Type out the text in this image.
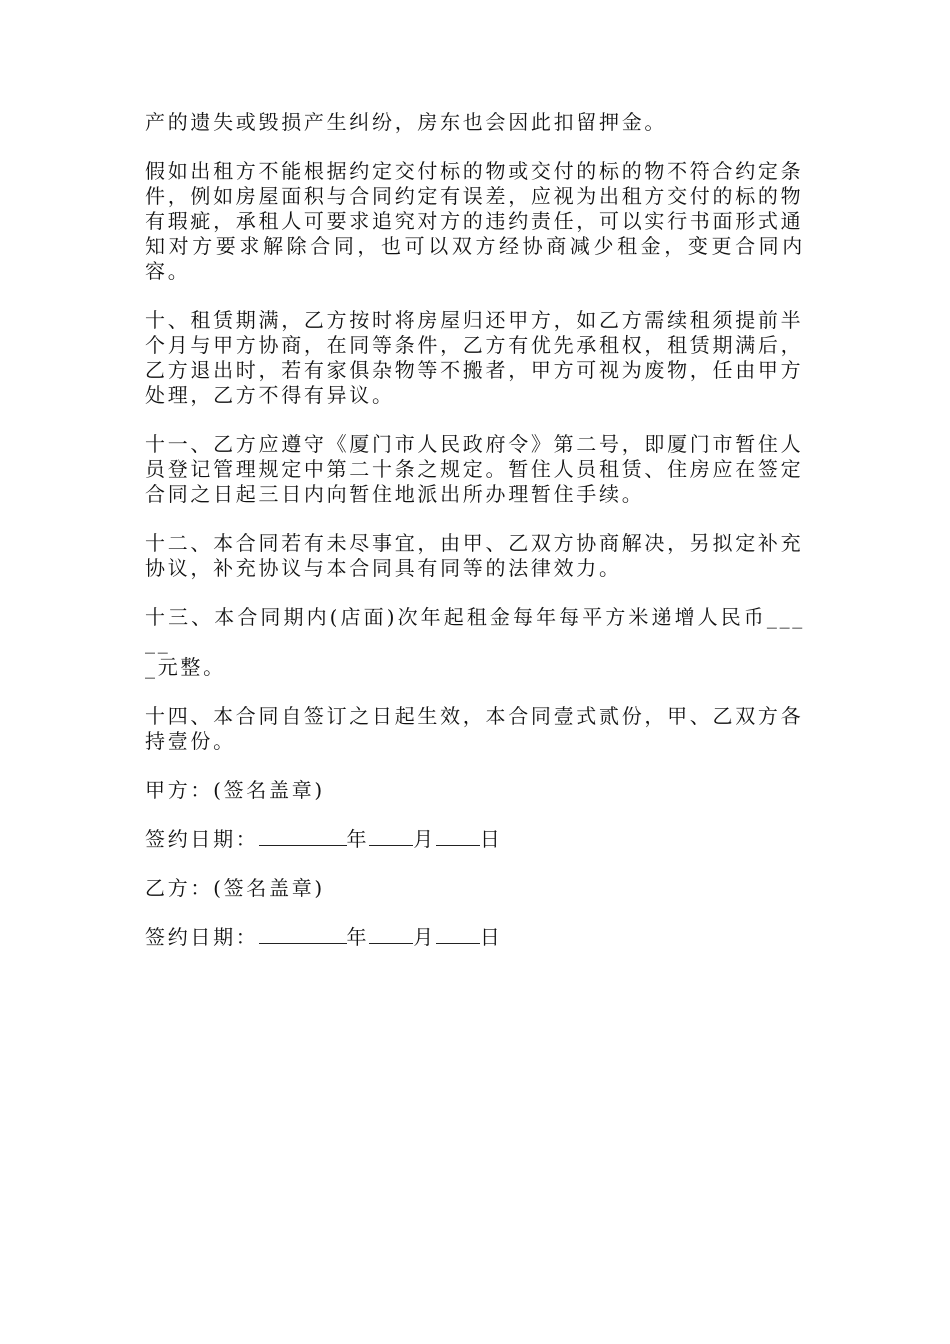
产的遗失或毁损产生纠纷，房东也会因此扣留押金。

假如出租方不能根据约定交付标的物或交付的标的物不符合约定条
件，例如房屋面积与合同约定有误差，应视为出租方交付的标的物
有瑕疵，承租人可要求追究对方的违约责任，可以实行书面形式通
知对方要求解除合同，也可以双方经协商减少租金，变更合同内容。

十、租赁期满，乙方按时将房屋归还甲方，如乙方需续租须提前半
个月与甲方协商，在同等条件，乙方有优先承租权，租赁期满后，
乙方退出时，若有家俱杂物等不搬者，甲方可视为废物，任由甲方
处理，乙方不得有异议。

十一、乙方应遵守《厦门市人民政府令》第二号，即厦门市暂住人
员登记管理规定中第二十条之规定。暂住人员租赁、住房应在签定
合同之日起三日内向暂住地派出所办理暂住手续。

十二、本合同若有未尽事宜，由甲、乙双方协商解决，另拟定补充
协议，补充协议与本合同具有同等的法律效力。

十三、本合同期内(店面)次年起租金每年每平方米递增人民币_____
_元整。

十四、本合同自签订之日起生效，本合同壹式贰份，甲、乙双方各
持壹份。

甲方：(签名盖章)
签约日期：	年 月 日
乙方：(签名盖章)
签约日期：	年 月 日
